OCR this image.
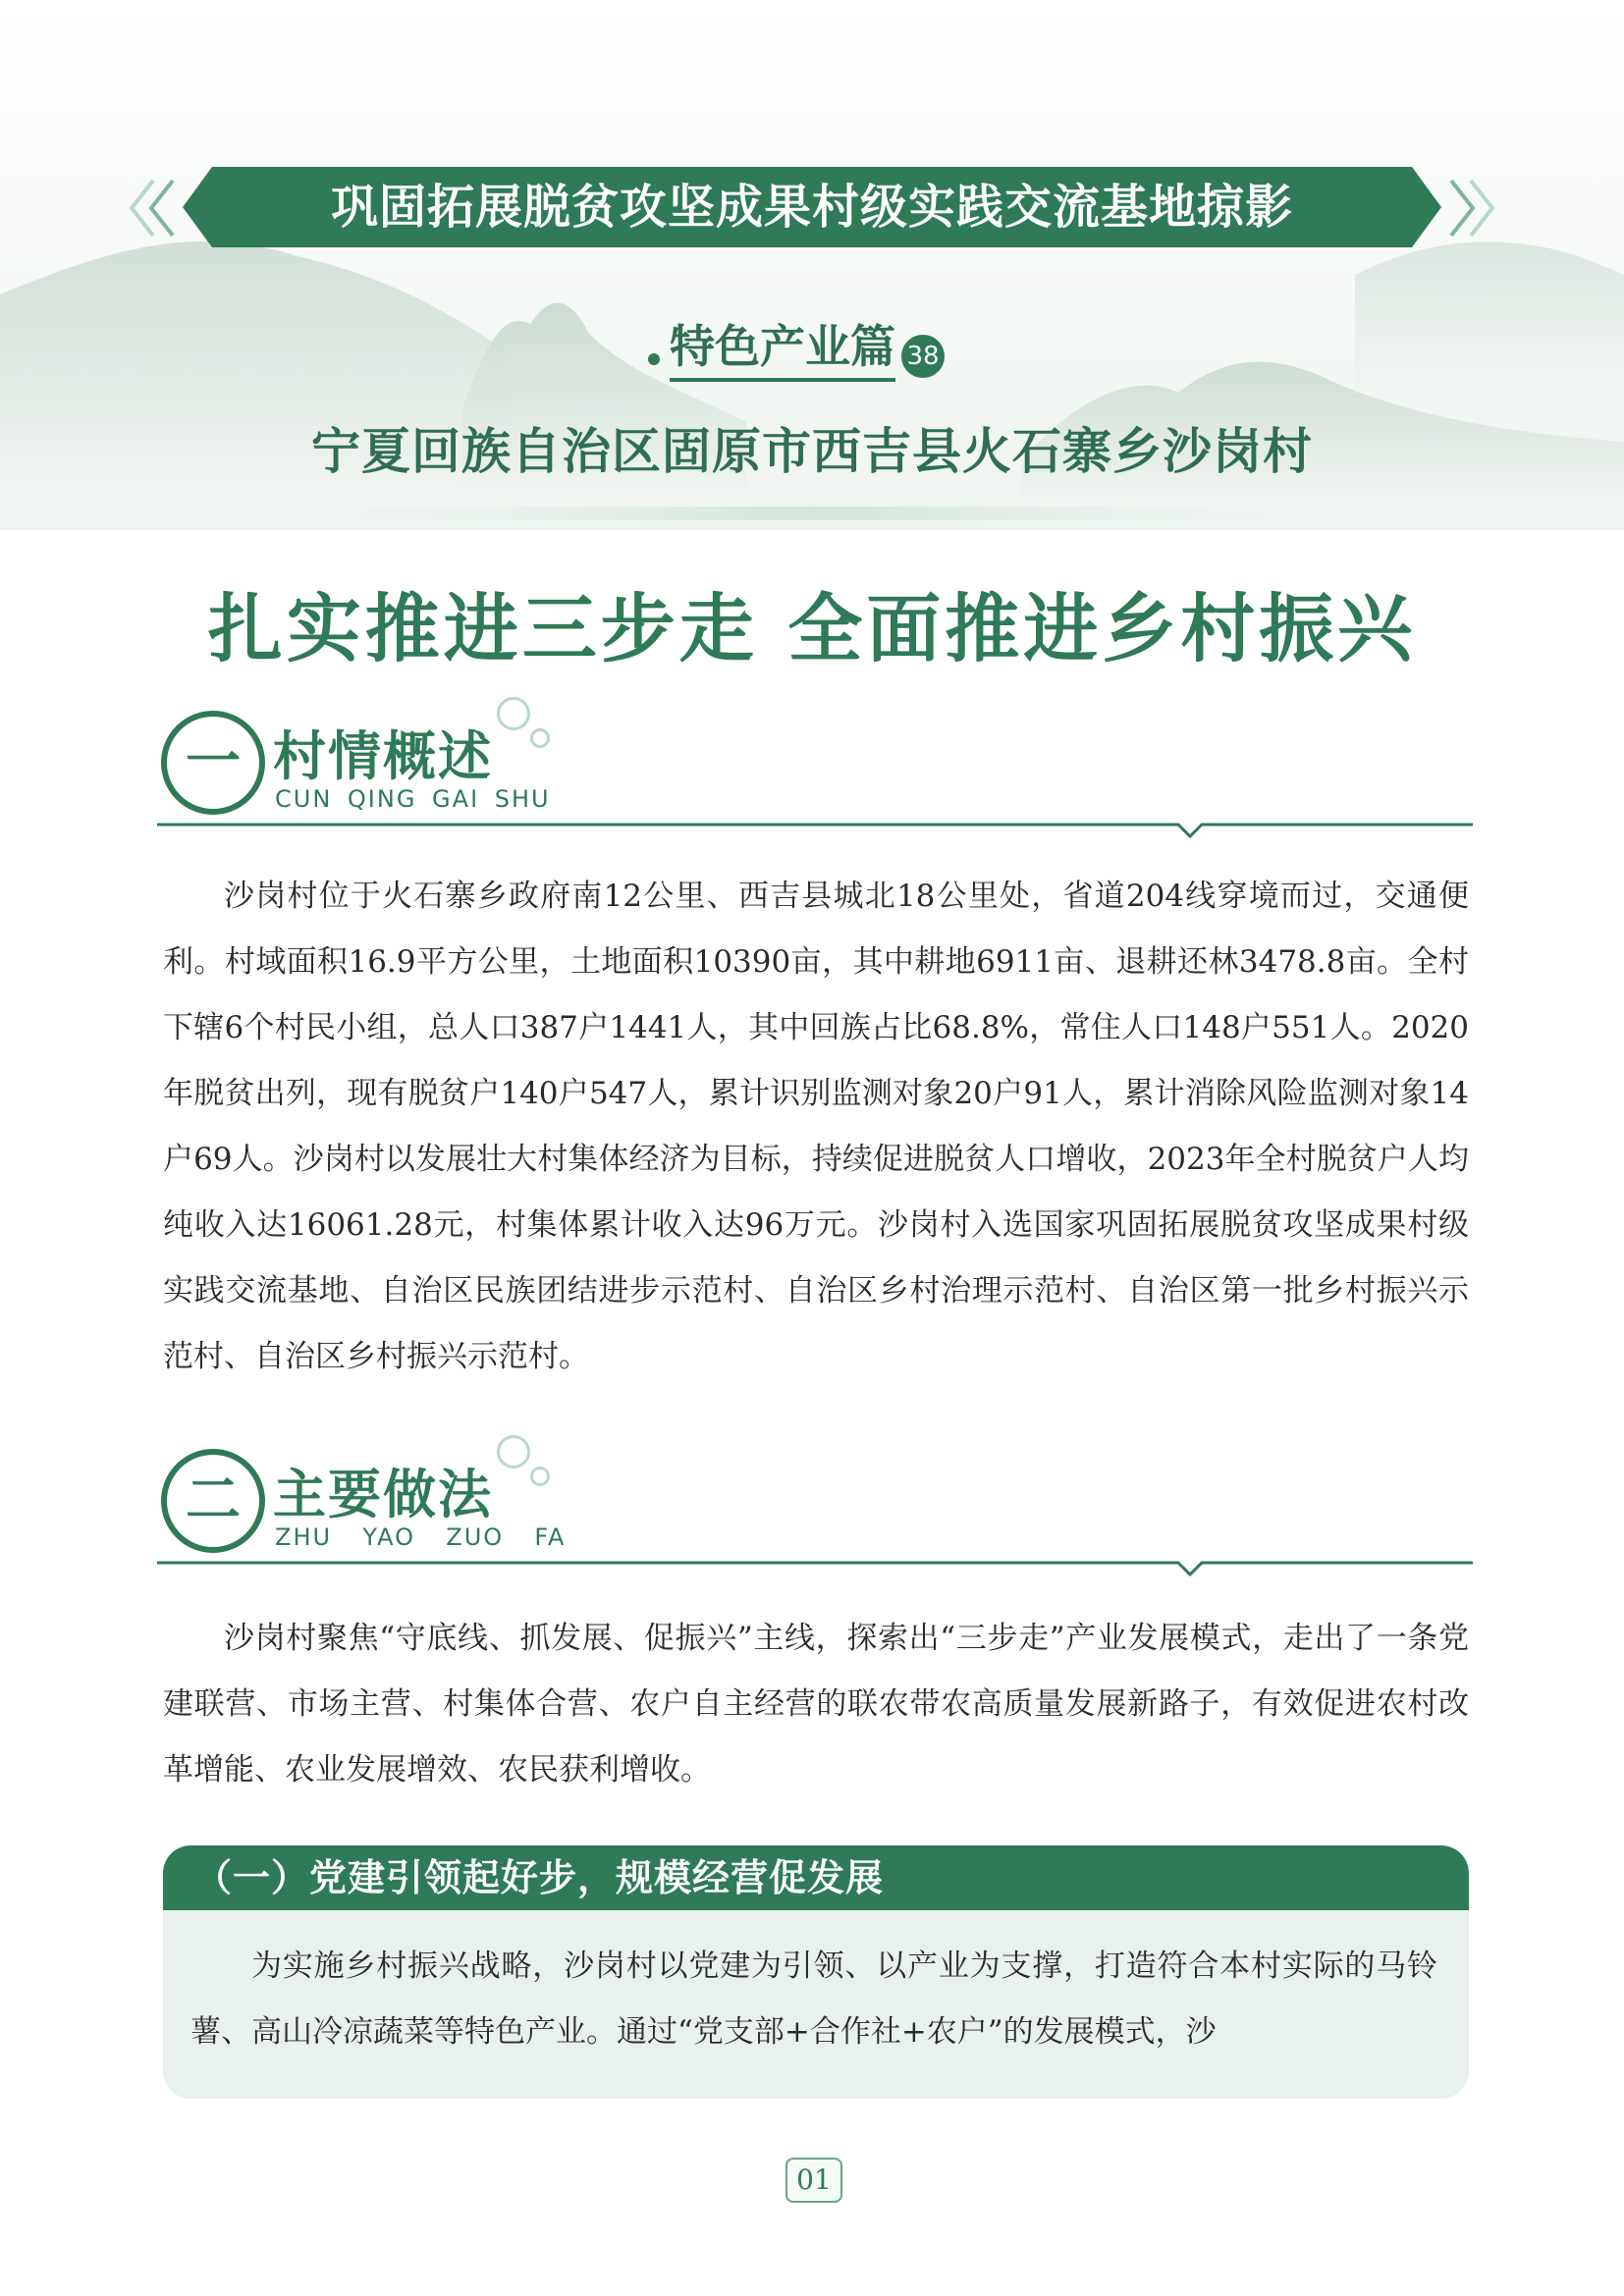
巩固拓展脱贫攻坚成果村级实践交流基地掠影
特色产业篇 38
宁夏回族自治区固原市西吉县火石寨乡沙岗村
扎实推进三步走 全面推进乡村振兴
一 村情概述
CUN QING GAI SHU

沙岗村位于火石寨乡政府南12公里、西吉县城北18公里处，省道204线穿境而过，交通便利。村域面积16.9平方公里，土地面积10390亩，其中耕地6911亩、退耕还林3478.8亩。全村下辖6个村民小组，总人口387户1441人，其中回族占比68.8%，常住人口148户551人。2020年脱贫出列，现有脱贫户140户547人，累计识别监测对象20户91人，累计消除风险监测对象14户69人。沙岗村以发展壮大村集体经济为目标，持续促进脱贫人口增收，2023年全村脱贫户人均纯收入达16061.28元，村集体累计收入达96万元。沙岗村入选国家巩固拓展脱贫攻坚成果村级实践交流基地、自治区民族团结进步示范村、自治区乡村治理示范村、自治区第一批乡村振兴示范村、自治区乡村振兴示范村。

二 主要做法
ZHU  YAO  ZUO  FA

沙岗村聚焦“守底线、抓发展、促振兴”主线，探索出“三步走”产业发展模式，走出了一条党建联营、市场主营、村集体合营、农户自主经营的联农带农高质量发展新路子，有效促进农村改革增能、农业发展增效、农民获利增收。

（一）党建引领起好步，规模经营促发展

为实施乡村振兴战略，沙岗村以党建为引领、以产业为支撑，打造符合本村实际的马铃薯、高山冷凉蔬菜等特色产业。通过“党支部+合作社+农户”的发展模式，沙

01
